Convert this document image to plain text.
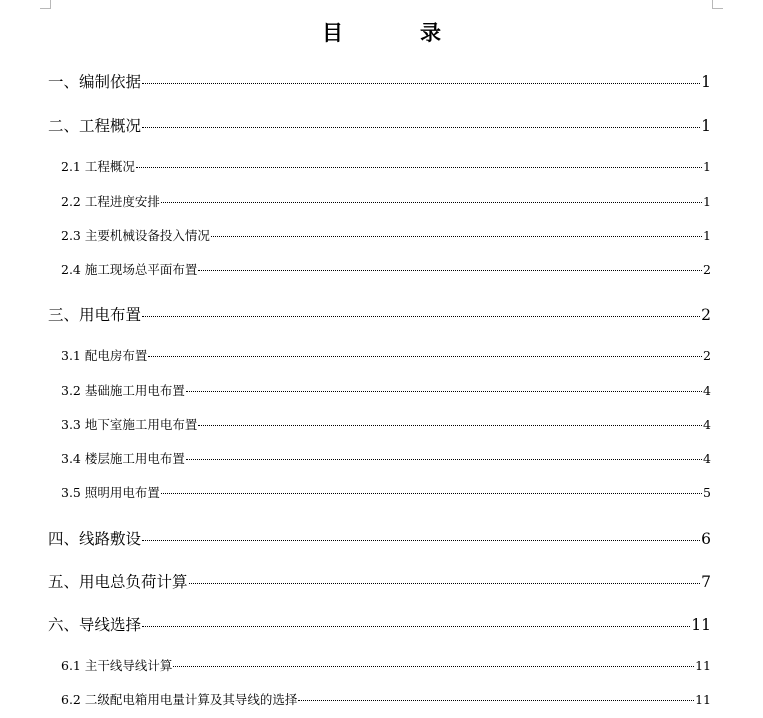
目　录
一、编制依据	1
二、工程概况	1
2.1 工程概况	1
2.2 工程进度安排	1
2.3 主要机械设备投入情况	1
2.4 施工现场总平面布置	2
三、用电布置	2
3.1 配电房布置	2
3.2 基础施工用电布置	4
3.3 地下室施工用电布置	4
3.4 楼层施工用电布置	4
3.5 照明用电布置	5
四、线路敷设	6
五、用电总负荷计算	7
六、导线选择	11
6.1 主干线导线计算	11
6.2 二级配电箱用电量计算及其导线的选择	11
